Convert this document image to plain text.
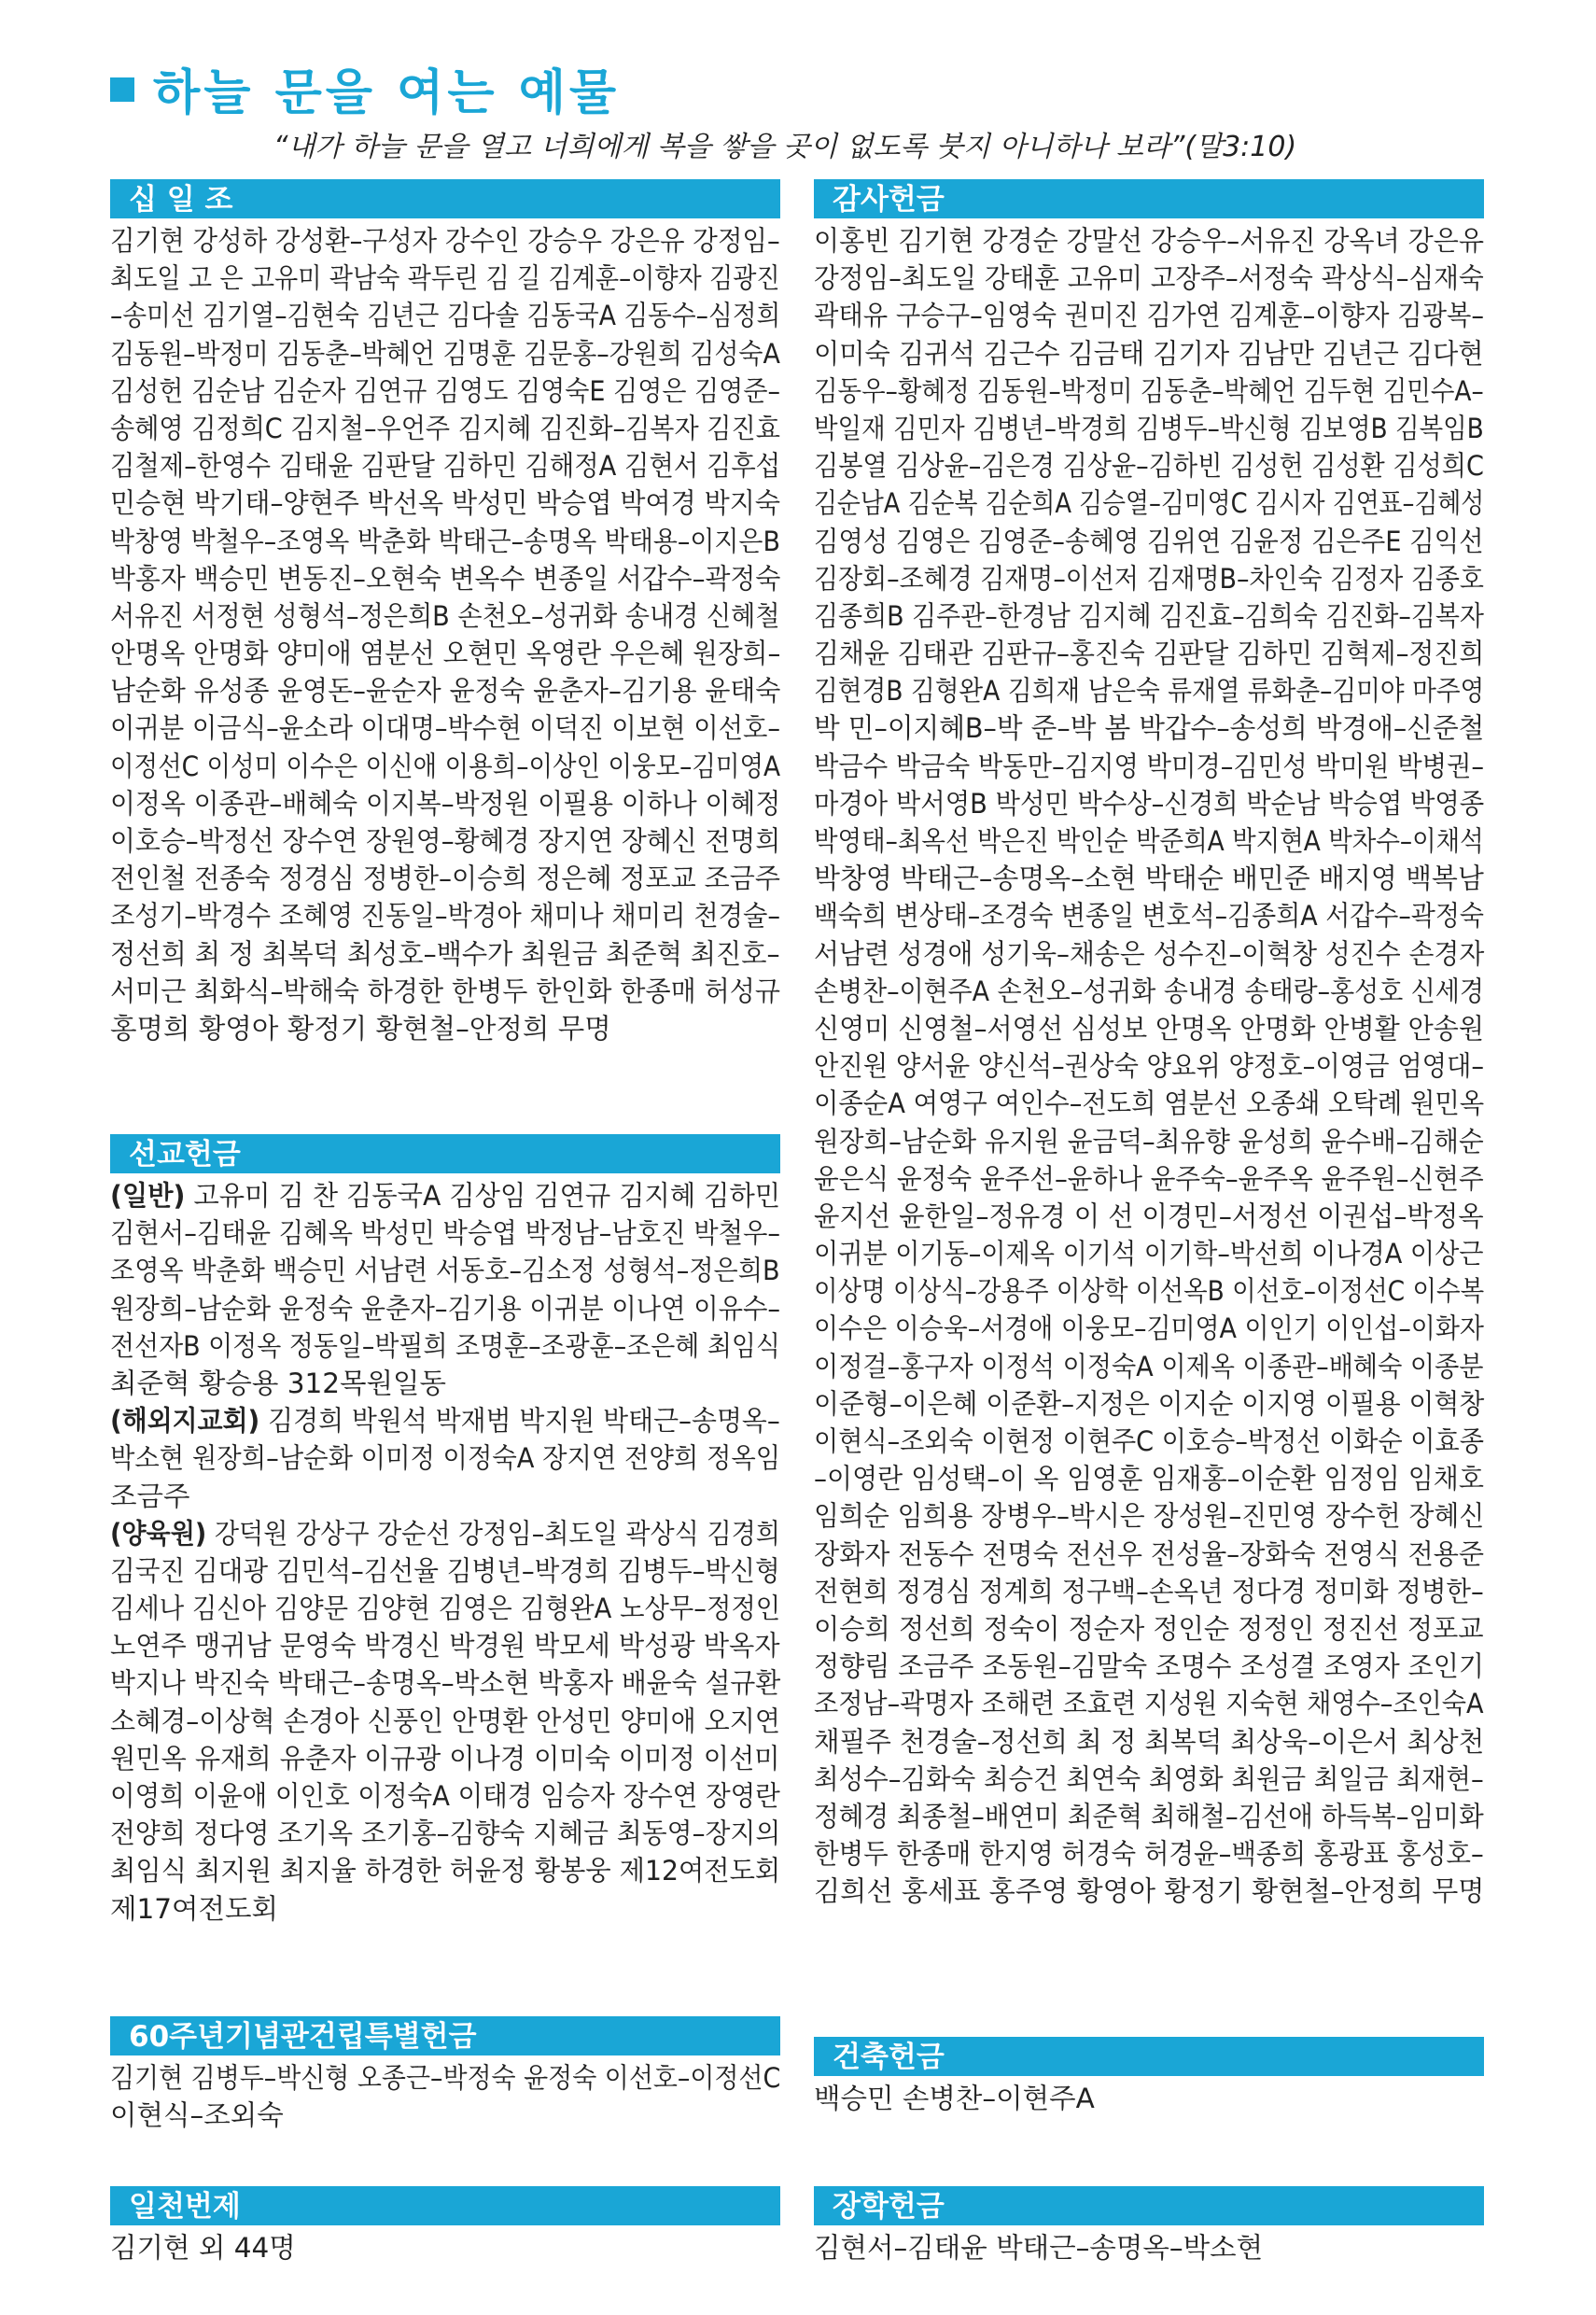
하늘 문을 여는 예물
“내가 하늘 문을 열고 너희에게 복을 쌓을 곳이 없도록 붓지 아니하나 보라”(말3:10)
십 일 조
김기현 강성하 강성환–구성자 강수인 강승우 강은유 강정임–
최도일 고 은 고유미 곽남숙 곽두린 김 길 김계훈–이향자 김광진
–송미선 김기열–김현숙 김년근 김다솔 김동국A 김동수–심정희
김동원–박정미 김동춘–박혜언 김명훈 김문홍–강원희 김성숙A
김성헌 김순남 김순자 김연규 김영도 김영숙E 김영은 김영준–
송혜영 김정희C 김지철–우언주 김지혜 김진화–김복자 김진효
김철제–한영수 김태윤 김판달 김하민 김해정A 김현서 김후섭
민승현 박기태–양현주 박선옥 박성민 박승엽 박여경 박지숙
박창영 박철우–조영옥 박춘화 박태근–송명옥 박태용–이지은B
박홍자 백승민 변동진–오현숙 변옥수 변종일 서갑수–곽정숙
서유진 서정현 성형석–정은희B 손천오–성귀화 송내경 신혜철
안명옥 안명화 양미애 염분선 오현민 옥영란 우은혜 원장희–
남순화 유성종 윤영돈–윤순자 윤정숙 윤춘자–김기용 윤태숙
이귀분 이금식–윤소라 이대명–박수현 이덕진 이보현 이선호–
이정선C 이성미 이수은 이신애 이용희–이상인 이웅모–김미영A
이정옥 이종관–배혜숙 이지복–박정원 이필용 이하나 이혜정
이호승–박정선 장수연 장원영–황혜경 장지연 장혜신 전명희
전인철 전종숙 정경심 정병한–이승희 정은혜 정포교 조금주
조성기–박경수 조혜영 진동일–박경아 채미나 채미리 천경술–
정선희 최 정 최복덕 최성호–백수가 최원금 최준혁 최진호–
서미근 최화식–박해숙 하경한 한병두 한인화 한종매 허성규
홍명희 황영아 황정기 황현철–안정희 무명
선교헌금
(일반) 고유미 김 찬 김동국A 김상임 김연규 김지혜 김하민
김현서–김태윤 김혜옥 박성민 박승엽 박정남–남호진 박철우–
조영옥 박춘화 백승민 서남련 서동호–김소정 성형석–정은희B
원장희–남순화 윤정숙 윤춘자–김기용 이귀분 이나연 이유수–
전선자B 이정옥 정동일–박필희 조명훈–조광훈–조은혜 최임식
최준혁 황승용 312목원일동
(해외지교회) 김경희 박원석 박재범 박지원 박태근–송명옥–
박소현 원장희–남순화 이미정 이정숙A 장지연 전양희 정옥임
조금주
(양육원) 강덕원 강상구 강순선 강정임–최도일 곽상식 김경희
김국진 김대광 김민석–김선율 김병년–박경희 김병두–박신형
김세나 김신아 김양문 김양현 김영은 김형완A 노상무–정정인
노연주 맹귀남 문영숙 박경신 박경원 박모세 박성광 박옥자
박지나 박진숙 박태근–송명옥–박소현 박홍자 배윤숙 설규환
소혜경–이상혁 손경아 신풍인 안명환 안성민 양미애 오지연
원민옥 유재희 유춘자 이규광 이나경 이미숙 이미정 이선미
이영희 이윤애 이인호 이정숙A 이태경 임승자 장수연 장영란
전양희 정다영 조기옥 조기홍–김향숙 지혜금 최동영–장지의
최임식 최지원 최지율 하경한 허윤정 황봉웅 제12여전도회
제17여전도회
60주년기념관건립특별헌금
김기현 김병두–박신형 오종근–박정숙 윤정숙 이선호–이정선C
이현식–조외숙
일천번제
김기현 외 44명
감사헌금
이홍빈 김기현 강경순 강말선 강승우–서유진 강옥녀 강은유
강정임–최도일 강태훈 고유미 고장주–서정숙 곽상식–심재숙
곽태유 구승구–임영숙 권미진 김가연 김계훈–이향자 김광복–
이미숙 김귀석 김근수 김금태 김기자 김남만 김년근 김다현
김동우–황혜정 김동원–박정미 김동춘–박혜언 김두현 김민수A–
박일재 김민자 김병년–박경희 김병두–박신형 김보영B 김복임B
김봉열 김상윤–김은경 김상윤–김하빈 김성헌 김성환 김성희C
김순남A 김순복 김순희A 김승열–김미영C 김시자 김연표–김혜성
김영성 김영은 김영준–송혜영 김위연 김윤정 김은주E 김익선
김장회–조혜경 김재명–이선저 김재명B–차인숙 김정자 김종호
김종희B 김주관–한경남 김지혜 김진효–김희숙 김진화–김복자
김채윤 김태관 김판규–홍진숙 김판달 김하민 김혁제–정진희
김현경B 김형완A 김희재 남은숙 류재열 류화춘–김미야 마주영
박 민–이지혜B–박 준–박 봄 박갑수–송성희 박경애–신준철
박금수 박금숙 박동만–김지영 박미경–김민성 박미원 박병권–
마경아 박서영B 박성민 박수상–신경희 박순남 박승엽 박영종
박영태–최옥선 박은진 박인순 박준희A 박지현A 박차수–이채석
박창영 박태근–송명옥–소현 박태순 배민준 배지영 백복남
백숙희 변상태–조경숙 변종일 변호석–김종희A 서갑수–곽정숙
서남련 성경애 성기욱–채송은 성수진–이혁창 성진수 손경자
손병찬–이현주A 손천오–성귀화 송내경 송태랑–홍성호 신세경
신영미 신영철–서영선 심성보 안명옥 안명화 안병활 안송원
안진원 양서윤 양신석–권상숙 양요위 양정호–이영금 엄영대–
이종순A 여영구 여인수–전도희 염분선 오종쇄 오탁례 원민옥
원장희–남순화 유지원 윤금덕–최유향 윤성희 윤수배–김해순
윤은식 윤정숙 윤주선–윤하나 윤주숙–윤주옥 윤주원–신현주
윤지선 윤한일–정유경 이 선 이경민–서정선 이권섭–박정옥
이귀분 이기동–이제옥 이기석 이기학–박선희 이나경A 이상근
이상명 이상식–강용주 이상학 이선옥B 이선호–이정선C 이수복
이수은 이승욱–서경애 이웅모–김미영A 이인기 이인섭–이화자
이정걸–홍구자 이정석 이정숙A 이제옥 이종관–배혜숙 이종분
이준형–이은혜 이준환–지정은 이지순 이지영 이필용 이혁창
이현식–조외숙 이현정 이현주C 이호승–박정선 이화순 이효종
–이영란 임성택–이 옥 임영훈 임재홍–이순환 임정임 임채호
임희순 임희용 장병우–박시은 장성원–진민영 장수헌 장혜신
장화자 전동수 전명숙 전선우 전성율–장화숙 전영식 전용준
전현희 정경심 정계희 정구백–손옥년 정다경 정미화 정병한–
이승희 정선희 정숙이 정순자 정인순 정정인 정진선 정포교
정향림 조금주 조동원–김말숙 조명수 조성결 조영자 조인기
조정남–곽명자 조해련 조효련 지성원 지숙현 채영수–조인숙A
채필주 천경술–정선희 최 정 최복덕 최상욱–이은서 최상천
최성수–김화숙 최승건 최연숙 최영화 최원금 최일금 최재현–
정혜경 최종철–배연미 최준혁 최해철–김선애 하득복–임미화
한병두 한종매 한지영 허경숙 허경윤–백종희 홍광표 홍성호–
김희선 홍세표 홍주영 황영아 황정기 황현철–안정희 무명
건축헌금
백승민 손병찬–이현주A
장학헌금
김현서–김태윤 박태근–송명옥–박소현
